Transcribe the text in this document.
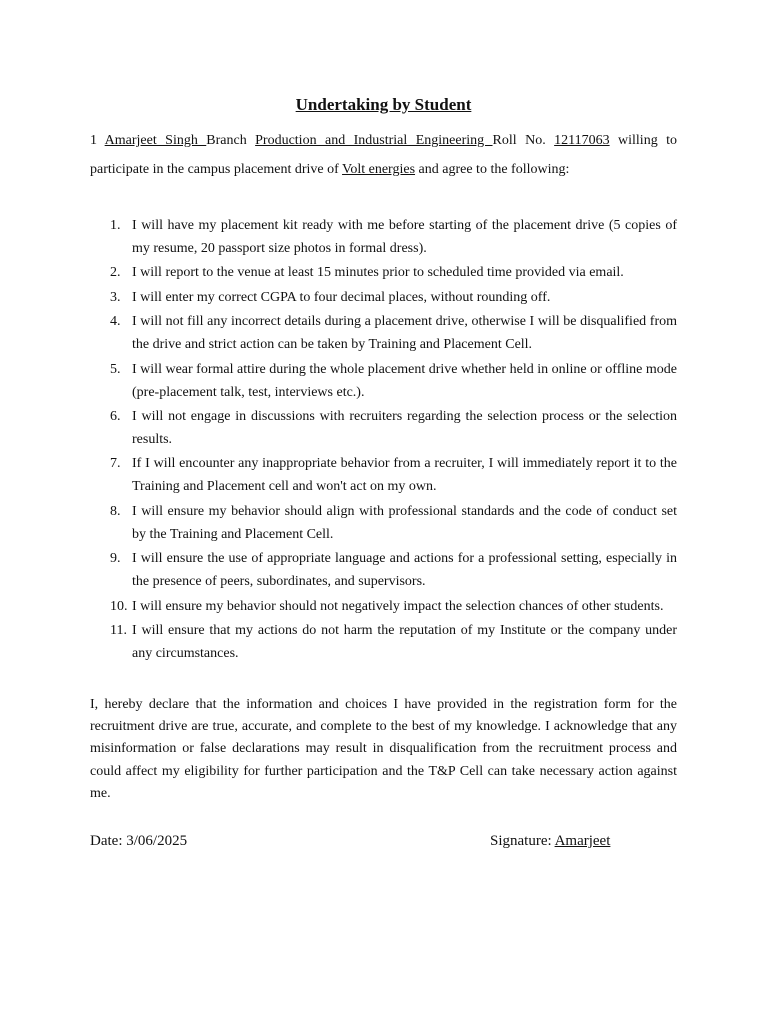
Undertaking by Student

1 Amarjeet Singh Branch Production and Industrial Engineering Roll No. 12117063 willing to participate in the campus placement drive of Volt energies and agree to the following:

1. I will have my placement kit ready with me before starting of the placement drive (5 copies of my resume, 20 passport size photos in formal dress).
2. I will report to the venue at least 15 minutes prior to scheduled time provided via email.
3. I will enter my correct CGPA to four decimal places, without rounding off.
4. I will not fill any incorrect details during a placement drive, otherwise I will be disqualified from the drive and strict action can be taken by Training and Placement Cell.
5. I will wear formal attire during the whole placement drive whether held in online or offline mode (pre-placement talk, test, interviews etc.).
6. I will not engage in discussions with recruiters regarding the selection process or the selection results.
7. If I will encounter any inappropriate behavior from a recruiter, I will immediately report it to the Training and Placement cell and won't act on my own.
8. I will ensure my behavior should align with professional standards and the code of conduct set by the Training and Placement Cell.
9. I will ensure the use of appropriate language and actions for a professional setting, especially in the presence of peers, subordinates, and supervisors.
10. I will ensure my behavior should not negatively impact the selection chances of other students.
11. I will ensure that my actions do not harm the reputation of my Institute or the company under any circumstances.

I, hereby declare that the information and choices I have provided in the registration form for the recruitment drive are true, accurate, and complete to the best of my knowledge. I acknowledge that any misinformation or false declarations may result in disqualification from the recruitment process and could affect my eligibility for further participation and the T&P Cell can take necessary action against me.

Date: 3/06/2025	Signature: Amarjeet
